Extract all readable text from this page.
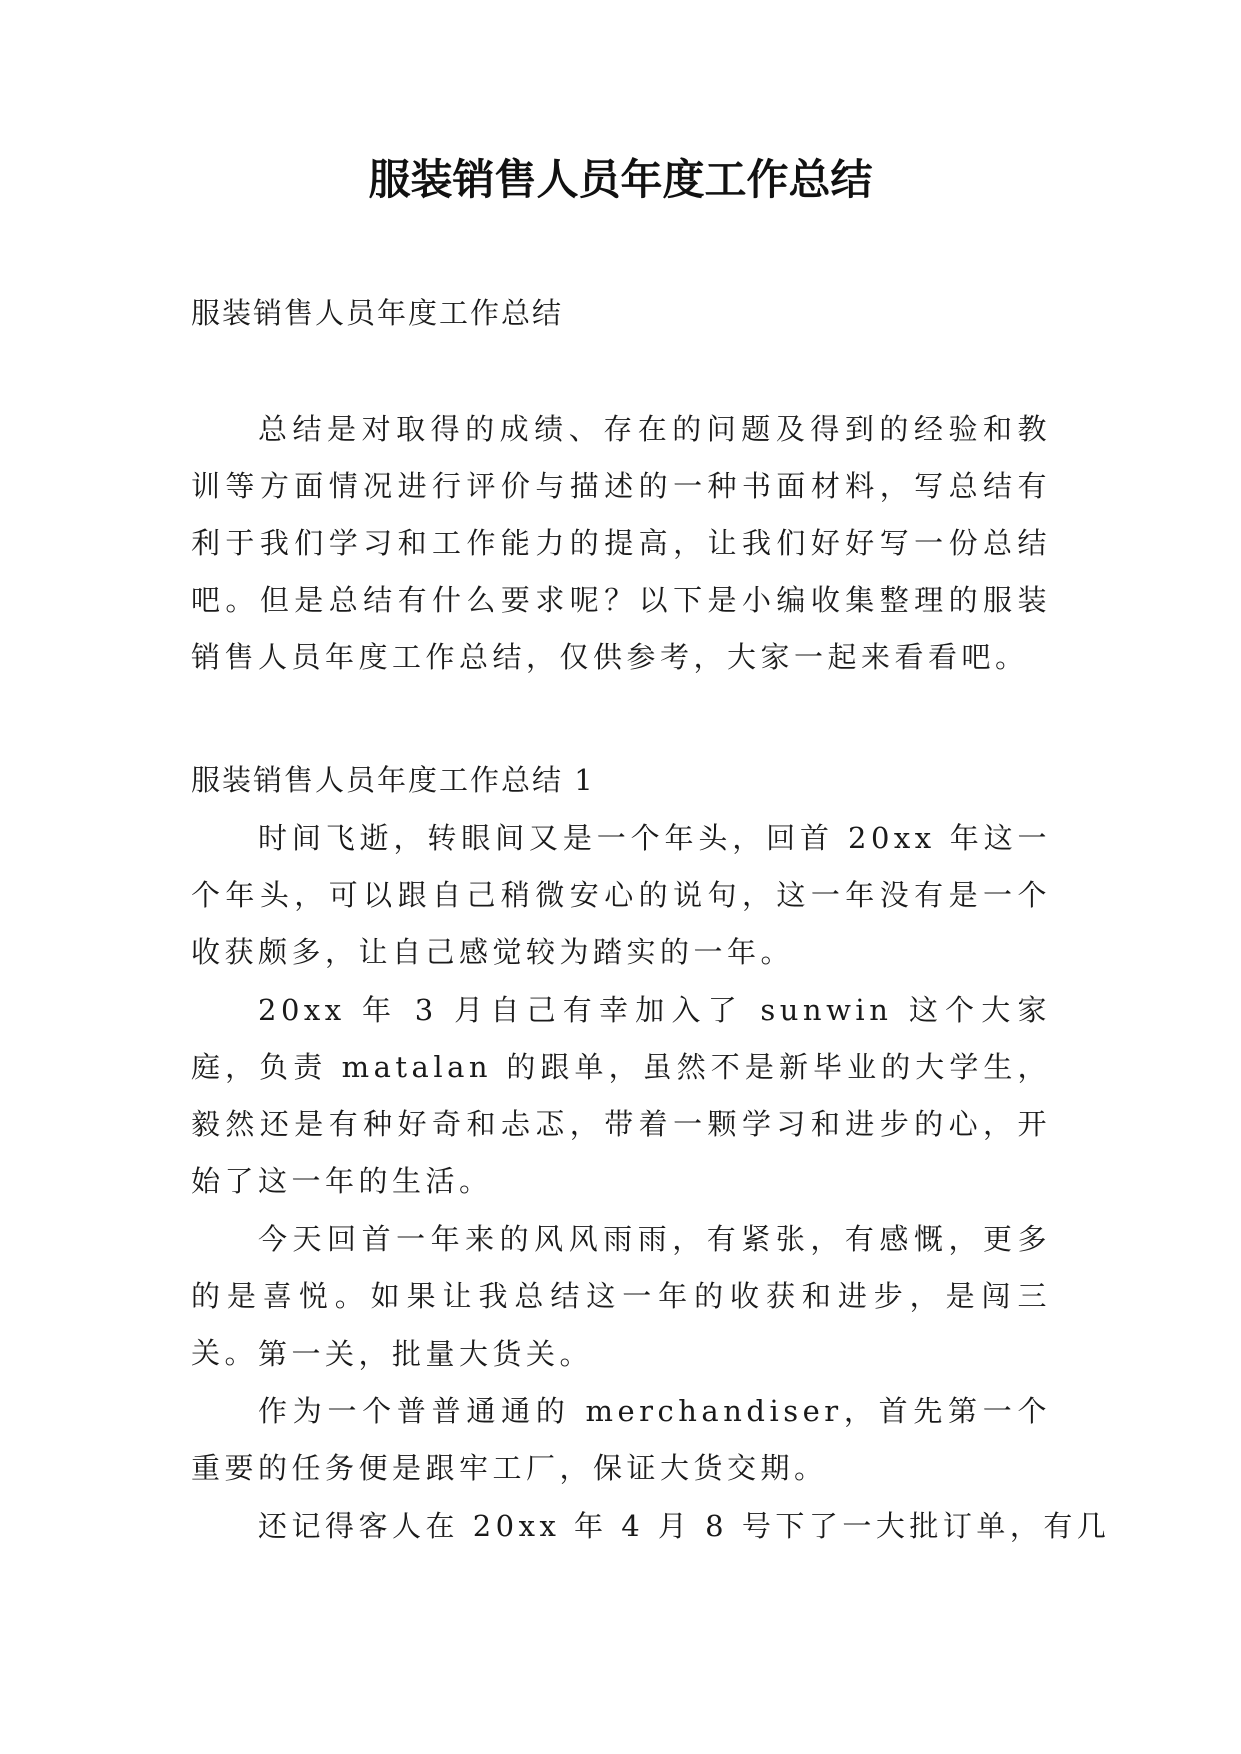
服装销售人员年度工作总结

服装销售人员年度工作总结

总结是对取得的成绩、存在的问题及得到的经验和教训等方面情况进行评价与描述的一种书面材料，写总结有利于我们学习和工作能力的提高，让我们好好写一份总结吧。但是总结有什么要求呢？以下是小编收集整理的服装销售人员年度工作总结，仅供参考，大家一起来看看吧。

服装销售人员年度工作总结 1

时间飞逝，转眼间又是一个年头，回首 20xx 年这一个年头，可以跟自己稍微安心的说句，这一年没有是一个收获颇多，让自己感觉较为踏实的一年。

20xx 年 3 月自己有幸加入了 sunwin 这个大家庭，负责 matalan 的跟单，虽然不是新毕业的大学生，毅然还是有种好奇和忐忑，带着一颗学习和进步的心，开始了这一年的生活。

今天回首一年来的风风雨雨，有紧张，有感慨，更多的是喜悦。如果让我总结这一年的收获和进步，是闯三关。 第一关，批量大货关。

作为一个普普通通的 merchandiser，首先第一个重要的任务便是跟牢工厂，保证大货交期。

还记得客人在 20xx 年 4 月 8 号下了一大批订单，有几
